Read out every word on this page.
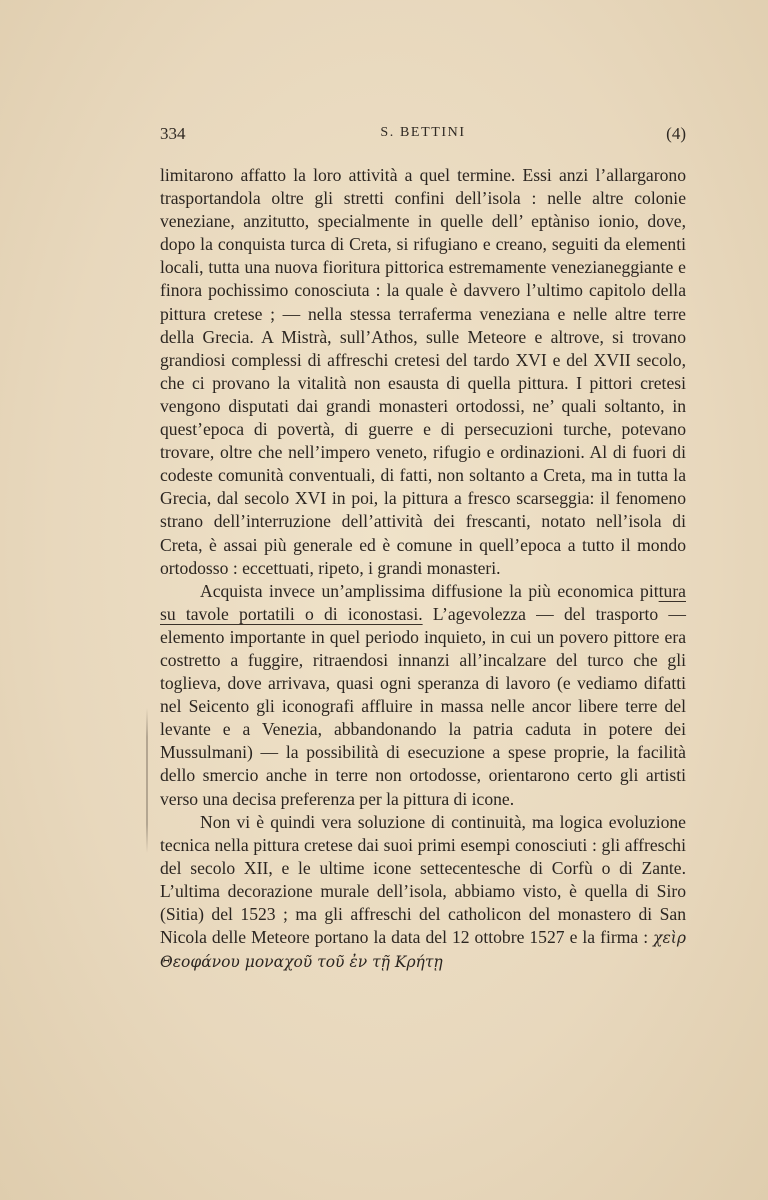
334	S. BETTINI	(4)

limitarono affatto la loro attività a quel termine. Essi anzi l’allargarono trasportandola oltre gli stretti confini dell’isola : nelle altre colonie veneziane, anzitutto, specialmente in quelle dell’ eptàniso ionio, dove, dopo la conquista turca di Creta, si rifugiano e creano, seguiti da elementi locali, tutta una nuova fioritura pittorica estremamente venezianeggiante e finora pochissimo conosciuta : la quale è davvero l’ultimo capitolo della pittura cretese ; — nella stessa terraferma veneziana e nelle altre terre della Grecia. A Mistrà, sull’Athos, sulle Meteore e altrove, si trovano grandiosi complessi di affreschi cretesi del tardo XVI e del XVII secolo, che ci provano la vitalità non esausta di quella pittura. I pittori cretesi vengono disputati dai grandi monasteri ortodossi, ne’ quali soltanto, in quest’epoca di povertà, di guerre e di persecuzioni turche, potevano trovare, oltre che nell’impero veneto, rifugio e ordinazioni. Al di fuori di codeste comunità conventuali, di fatti, non soltanto a Creta, ma in tutta la Grecia, dal secolo XVI in poi, la pittura a fresco scarseggia: il fenomeno strano dell’interruzione dell’attività dei frescanti, notato nell’isola di Creta, è assai più generale ed è comune in quell’epoca a tutto il mondo ortodosso : eccettuati, ripeto, i grandi monasteri.

Acquista invece un’amplissima diffusione la più economica pittura su tavole portatili o di iconostasi. L’agevolezza — del trasporto — elemento importante in quel periodo inquieto, in cui un povero pittore era costretto a fuggire, ritraendosi innanzi all’incalzare del turco che gli toglieva, dove arrivava, quasi ogni speranza di lavoro (e vediamo difatti nel Seicento gli iconografi affluire in massa nelle ancor libere terre del levante e a Venezia, abbandonando la patria caduta in potere dei Mussulmani) — la possibilità di esecuzione a spese proprie, la facilità dello smercio anche in terre non ortodosse, orientarono certo gli artisti verso una decisa preferenza per la pittura di icone.

Non vi è quindi vera soluzione di continuità, ma logica evoluzione tecnica nella pittura cretese dai suoi primi esempi conosciuti : gli affreschi del secolo XII, e le ultime icone settecentesche di Corfù o di Zante. L’ultima decorazione murale dell’isola, abbiamo visto, è quella di Siro (Sitia) del 1523 ; ma gli affreschi del catholicon del monastero di San Nicola delle Meteore portano la data del 12 ottobre 1527 e la firma : χεὶρ Θεοφάνου μοναχοῦ τοῦ ἐν τῇ Κρήτῃ
